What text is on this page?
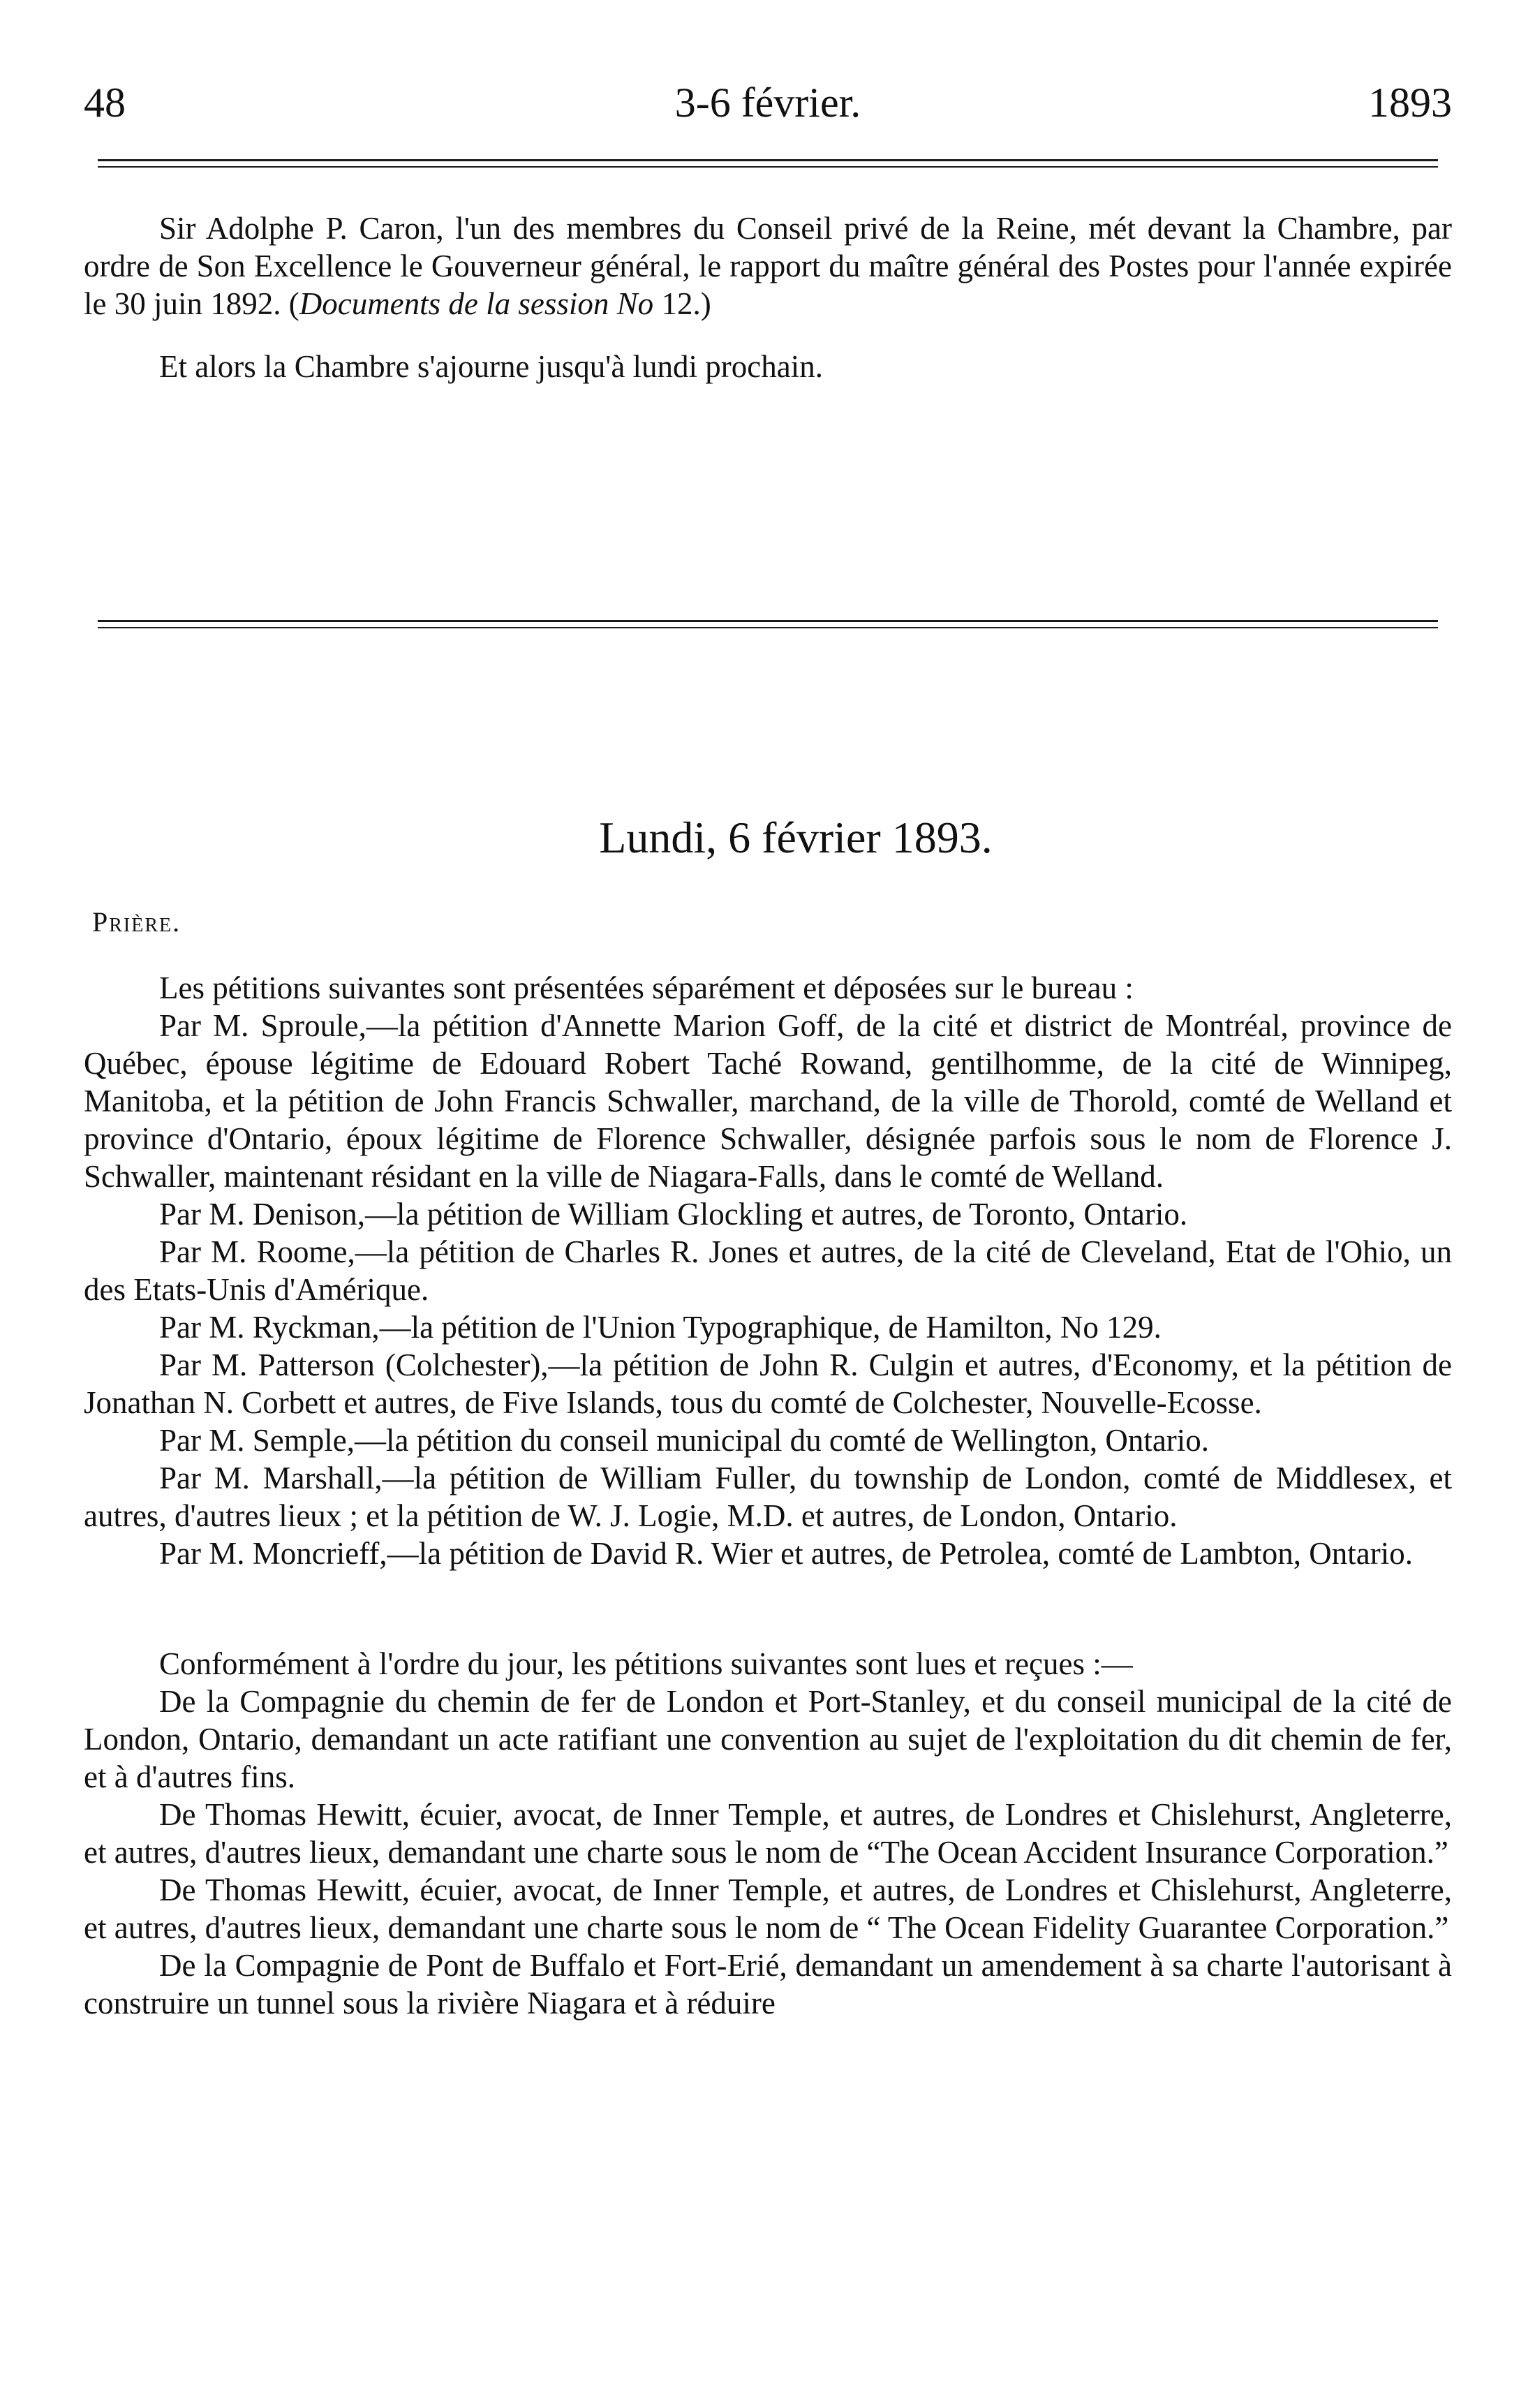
48	3-6 février.	1893

Sir Adolphe P. Caron, l'un des membres du Conseil privé de la Reine, mét devant la Chambre, par ordre de Son Excellence le Gouverneur général, le rapport du maître général des Postes pour l'année expirée le 30 juin 1892. (Documents de la session No 12.)

Et alors la Chambre s'ajourne jusqu'à lundi prochain.

Lundi, 6 février 1893.
Prière.

Les pétitions suivantes sont présentées séparément et déposées sur le bureau :

Par M. Sproule,—la pétition d'Annette Marion Goff, de la cité et district de Montréal, province de Québec, épouse légitime de Edouard Robert Taché Rowand, gentilhomme, de la cité de Winnipeg, Manitoba, et la pétition de John Francis Schwaller, marchand, de la ville de Thorold, comté de Welland et province d'Ontario, époux légitime de Florence Schwaller, désignée parfois sous le nom de Florence J. Schwaller, maintenant résidant en la ville de Niagara-Falls, dans le comté de Welland.

Par M. Denison,—la pétition de William Glockling et autres, de Toronto, Ontario.

Par M. Roome,—la pétition de Charles R. Jones et autres, de la cité de Cleveland, Etat de l'Ohio, un des Etats-Unis d'Amérique.

Par M. Ryckman,—la pétition de l'Union Typographique, de Hamilton, No 129.

Par M. Patterson (Colchester),—la pétition de John R. Culgin et autres, d'Economy, et la pétition de Jonathan N. Corbett et autres, de Five Islands, tous du comté de Colchester, Nouvelle-Ecosse.

Par M. Semple,—la pétition du conseil municipal du comté de Wellington, Ontario.

Par M. Marshall,—la pétition de William Fuller, du township de London, comté de Middlesex, et autres, d'autres lieux ; et la pétition de W. J. Logie, M.D. et autres, de London, Ontario.

Par M. Moncrieff,—la pétition de David R. Wier et autres, de Petrolea, comté de Lambton, Ontario.

Conformément à l'ordre du jour, les pétitions suivantes sont lues et reçues :—

De la Compagnie du chemin de fer de London et Port-Stanley, et du conseil municipal de la cité de London, Ontario, demandant un acte ratifiant une convention au sujet de l'exploitation du dit chemin de fer, et à d'autres fins.

De Thomas Hewitt, écuier, avocat, de Inner Temple, et autres, de Londres et Chislehurst, Angleterre, et autres, d'autres lieux, demandant une charte sous le nom de “The Ocean Accident Insurance Corporation.”

De Thomas Hewitt, écuier, avocat, de Inner Temple, et autres, de Londres et Chislehurst, Angleterre, et autres, d'autres lieux, demandant une charte sous le nom de “ The Ocean Fidelity Guarantee Corporation.”

De la Compagnie de Pont de Buffalo et Fort-Erié, demandant un amendement à sa charte l'autorisant à construire un tunnel sous la rivière Niagara et à réduire
